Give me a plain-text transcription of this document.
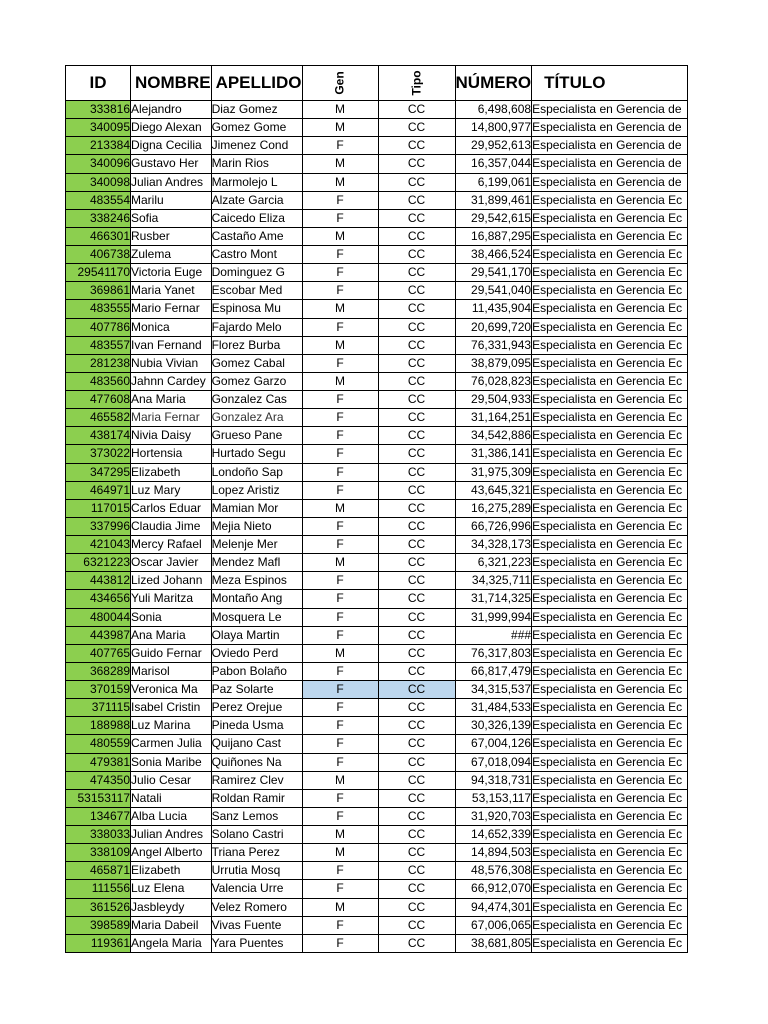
ID	NOMBRE	APELLIDO	Gen	Tipo	NÚMERO	TÍTULO
333816	Alejandro	Diaz Gomez	M	CC	6,498,608	Especialista en Gerencia de
340095	Diego Alexan	Gomez Gome	M	CC	14,800,977	Especialista en Gerencia de
213384	Digna Cecilia	Jimenez Cond	F	CC	29,952,613	Especialista en Gerencia de
340096	Gustavo Her	Marin Rios	M	CC	16,357,044	Especialista en Gerencia de
340098	Julian Andres	Marmolejo L	M	CC	6,199,061	Especialista en Gerencia de
483554	Marilu	Alzate Garcia	F	CC	31,899,461	Especialista en Gerencia Ec
338246	Sofia	Caicedo Eliza	F	CC	29,542,615	Especialista en Gerencia Ec
466301	Rusber	Castaño Ame	M	CC	16,887,295	Especialista en Gerencia Ec
406738	Zulema	Castro Mont	F	CC	38,466,524	Especialista en Gerencia Ec
29541170	Victoria Euge	Dominguez G	F	CC	29,541,170	Especialista en Gerencia Ec
369861	Maria Yanet	Escobar Med	F	CC	29,541,040	Especialista en Gerencia Ec
483555	Mario Fernar	Espinosa Mu	M	CC	11,435,904	Especialista en Gerencia Ec
407786	Monica	Fajardo Melo	F	CC	20,699,720	Especialista en Gerencia Ec
483557	Ivan Fernand	Florez Burba	M	CC	76,331,943	Especialista en Gerencia Ec
281238	Nubia Vivian	Gomez Cabal	F	CC	38,879,095	Especialista en Gerencia Ec
483560	Jahnn Cardey	Gomez Garzo	M	CC	76,028,823	Especialista en Gerencia Ec
477608	Ana Maria	Gonzalez Cas	F	CC	29,504,933	Especialista en Gerencia Ec
465582	Maria Fernar	Gonzalez Ara	F	CC	31,164,251	Especialista en Gerencia Ec
438174	Nivia Daisy	Grueso Pane	F	CC	34,542,886	Especialista en Gerencia Ec
373022	Hortensia	Hurtado Segu	F	CC	31,386,141	Especialista en Gerencia Ec
347295	Elizabeth	Londoño Sap	F	CC	31,975,309	Especialista en Gerencia Ec
464971	Luz Mary	Lopez Aristiz	F	CC	43,645,321	Especialista en Gerencia Ec
117015	Carlos Eduar	Mamian Mor	M	CC	16,275,289	Especialista en Gerencia Ec
337996	Claudia Jime	Mejia Nieto	F	CC	66,726,996	Especialista en Gerencia Ec
421043	Mercy Rafael	Melenje Mer	F	CC	34,328,173	Especialista en Gerencia Ec
6321223	Oscar Javier	Mendez Mafl	M	CC	6,321,223	Especialista en Gerencia Ec
443812	Lized Johann	Meza Espinos	F	CC	34,325,711	Especialista en Gerencia Ec
434656	Yuli Maritza	Montaño Ang	F	CC	31,714,325	Especialista en Gerencia Ec
480044	Sonia	Mosquera Le	F	CC	31,999,994	Especialista en Gerencia Ec
443987	Ana Maria	Olaya Martin	F	CC	###	Especialista en Gerencia Ec
407765	Guido Fernar	Oviedo Perd	M	CC	76,317,803	Especialista en Gerencia Ec
368289	Marisol	Pabon Bolaño	F	CC	66,817,479	Especialista en Gerencia Ec
370159	Veronica Ma	Paz Solarte	F	CC	34,315,537	Especialista en Gerencia Ec
371115	Isabel Cristin	Perez Orejue	F	CC	31,484,533	Especialista en Gerencia Ec
188988	Luz Marina	Pineda Usma	F	CC	30,326,139	Especialista en Gerencia Ec
480559	Carmen Julia	Quijano Cast	F	CC	67,004,126	Especialista en Gerencia Ec
479381	Sonia Maribe	Quiñones Na	F	CC	67,018,094	Especialista en Gerencia Ec
474350	Julio Cesar	Ramirez Clev	M	CC	94,318,731	Especialista en Gerencia Ec
53153117	Natali	Roldan Ramir	F	CC	53,153,117	Especialista en Gerencia Ec
134677	Alba Lucia	Sanz Lemos	F	CC	31,920,703	Especialista en Gerencia Ec
338033	Julian Andres	Solano Castri	M	CC	14,652,339	Especialista en Gerencia Ec
338109	Angel Alberto	Triana Perez	M	CC	14,894,503	Especialista en Gerencia Ec
465871	Elizabeth	Urrutia Mosq	F	CC	48,576,308	Especialista en Gerencia Ec
111556	Luz Elena	Valencia Urre	F	CC	66,912,070	Especialista en Gerencia Ec
361526	Jasbleydy	Velez Romero	M	CC	94,474,301	Especialista en Gerencia Ec
398589	Maria Dabeil	Vivas Fuente	F	CC	67,006,065	Especialista en Gerencia Ec
119361	Angela Maria	Yara Puentes	F	CC	38,681,805	Especialista en Gerencia Ec
